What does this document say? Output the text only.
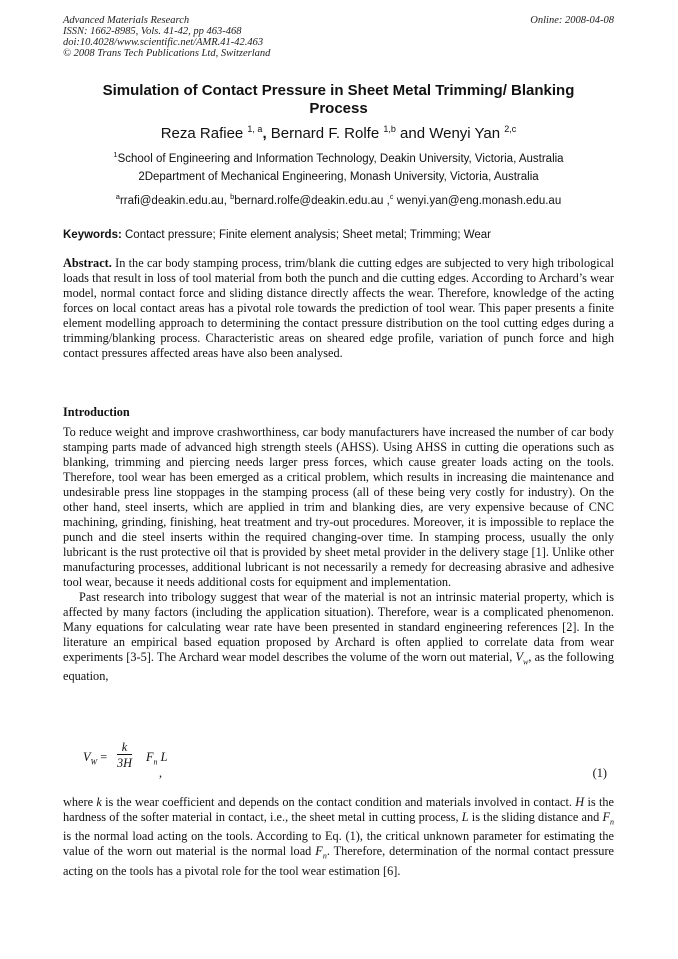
Advanced Materials Research
ISSN: 1662-8985, Vols. 41-42, pp 463-468
doi:10.4028/www.scientific.net/AMR.41-42.463
© 2008 Trans Tech Publications Ltd, Switzerland
Online: 2008-04-08
Simulation of Contact Pressure in Sheet Metal Trimming/ Blanking
Process
Reza Rafiee $^{1, a}$, Bernard F. Rolfe $^{1,b}$ and Wenyi Yan $^{2,c}$
$^1$School of Engineering and Information Technology, Deakin University, Victoria, Australia
2Department of Mechanical Engineering, Monash University, Victoria, Australia
$^a$rrafi@deakin.edu.au, $^b$bernard.rolfe@deakin.edu.au ,$^c$ wenyi.yan@eng.monash.edu.au
Keywords: Contact pressure; Finite element analysis; Sheet metal; Trimming; Wear

Abstract. In the car body stamping process, trim/blank die cutting edges are subjected to very high tribological loads that result in loss of tool material from both the punch and die cutting edges. According to Archard’s wear model, normal contact force and sliding distance directly affects the wear. Therefore, knowledge of the acting forces on local contact areas has a pivotal role towards the prediction of tool wear. This paper presents a finite element modelling approach to determining the contact pressure distribution on the tool cutting edges during a trimming/blanking process. Characteristic areas on sheared edge profile, variation of punch force and high contact pressures affected areas have also been analysed.

Introduction

To reduce weight and improve crashworthiness, car body manufacturers have increased the number of car body stamping parts made of advanced high strength steels (AHSS). Using AHSS in cutting die operations such as blanking, trimming and piercing needs larger press forces, which cause greater loads acting on the tools. Therefore, tool wear has been emerged as a critical problem, which results in increasing die maintenance and undesirable press line stoppages in the stamping process (all of these being very costly for industry). On the other hand, steel inserts, which are applied in trim and blanking dies, are very expensive because of CNC machining, grinding, finishing, heat treatment and try-out procedures. Moreover, it is impossible to replace the punch and die steel inserts within the required changing-over time. In stamping process, usually the only lubricant is the rust protective oil that is provided by sheet metal provider in the delivery stage [1]. Unlike other manufacturing processes, additional lubricant is not necessarily a remedy for decreasing abrasive and adhesive tool wear, because it needs additional costs for equipment and implementation.

Past research into tribology suggest that wear of the material is not an intrinsic material property, which is affected by many factors (including the application situation). Therefore, wear is a complicated phenomenon. Many equations for calculating wear rate have been presented in standard engineering references [2]. In the literature an empirical based equation proposed by Archard is often applied to correlate data from wear experiments [3-5]. The Archard wear model describes the volume of the worn out material, $V_w$, as the following equation,

$V_W = \frac{k}{3H} F_n$ L
,	(1)

where k is the wear coefficient and depends on the contact condition and materials involved in contact. H is the hardness of the softer material in contact, i.e., the sheet metal in cutting process, L is the sliding distance and $F_n$ is the normal load acting on the tools. According to Eq. (1), the critical unknown parameter for estimating the value of the worn out material is the normal load $F_n$. Therefore, determination of the normal contact pressure acting on the tools has a pivotal role for the tool wear estimation [6].
